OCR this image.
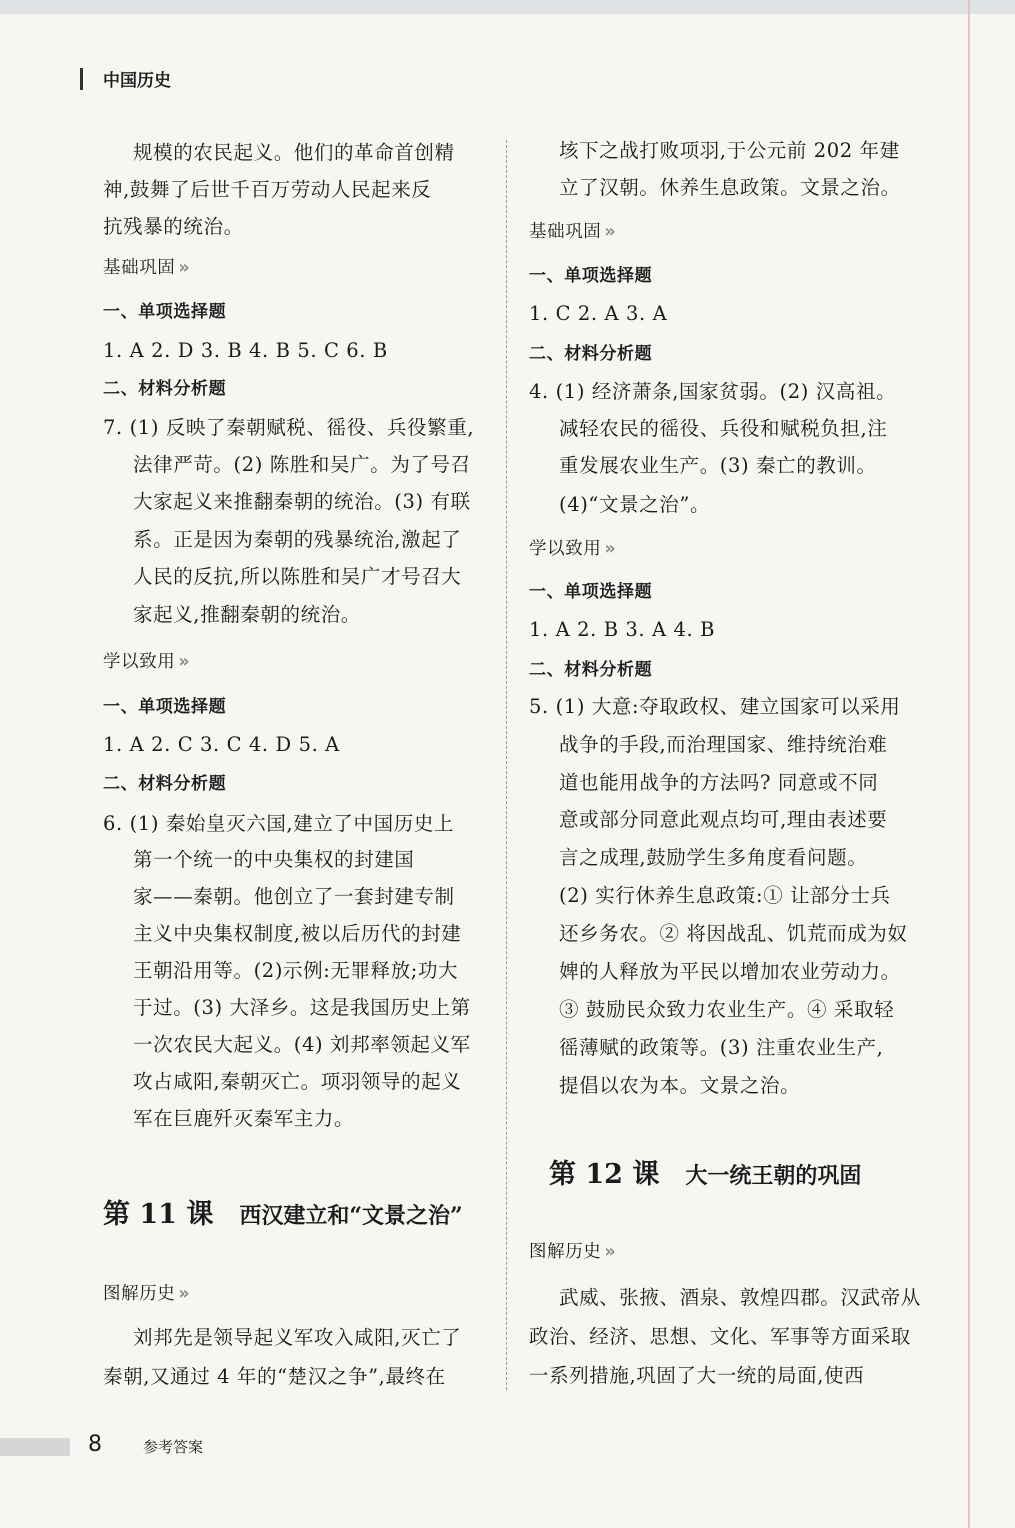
中国历史
规模的农民起义。他们的革命首创精
神,鼓舞了后世千百万劳动人民起来反
抗残暴的统治。
基础巩固 »
一、单项选择题
1. A 2. D 3. B 4. B 5. C 6. B
二、材料分析题
7. (1) 反映了秦朝赋税、徭役、兵役繁重,
法律严苛。(2) 陈胜和吴广。为了号召
大家起义来推翻秦朝的统治。(3) 有联
系。正是因为秦朝的残暴统治,激起了
人民的反抗,所以陈胜和吴广才号召大
家起义,推翻秦朝的统治。
学以致用 »
一、单项选择题
1. A 2. C 3. C 4. D 5. A
二、材料分析题
6. (1) 秦始皇灭六国,建立了中国历史上
第一个统一的中央集权的封建国
家——秦朝。他创立了一套封建专制
主义中央集权制度,被以后历代的封建
王朝沿用等。(2)示例:无罪释放;功大
于过。(3) 大泽乡。这是我国历史上第
一次农民大起义。(4) 刘邦率领起义军
攻占咸阳,秦朝灭亡。项羽领导的起义
军在巨鹿歼灭秦军主力。
第 11 课 西汉建立和“文景之治”
图解历史 »
刘邦先是领导起义军攻入咸阳,灭亡了
秦朝,又通过 4 年的“楚汉之争”,最终在
垓下之战打败项羽,于公元前 202 年建
立了汉朝。休养生息政策。文景之治。
基础巩固 »
一、单项选择题
1. C 2. A 3. A
二、材料分析题
4. (1) 经济萧条,国家贫弱。(2) 汉高祖。
减轻农民的徭役、兵役和赋税负担,注
重发展农业生产。(3) 秦亡的教训。
(4)“文景之治”。
学以致用 »
一、单项选择题
1. A 2. B 3. A 4. B
二、材料分析题
5. (1) 大意:夺取政权、建立国家可以采用
战争的手段,而治理国家、维持统治难
道也能用战争的方法吗? 同意或不同
意或部分同意此观点均可,理由表述要
言之成理,鼓励学生多角度看问题。
(2) 实行休养生息政策:① 让部分士兵
还乡务农。② 将因战乱、饥荒而成为奴
婢的人释放为平民以增加农业劳动力。
③ 鼓励民众致力农业生产。④ 采取轻
徭薄赋的政策等。(3) 注重农业生产,
提倡以农为本。文景之治。
第 12 课 大一统王朝的巩固
图解历史 »
武威、张掖、酒泉、敦煌四郡。汉武帝从
政治、经济、思想、文化、军事等方面采取
一系列措施,巩固了大一统的局面,使西
8	参考答案
